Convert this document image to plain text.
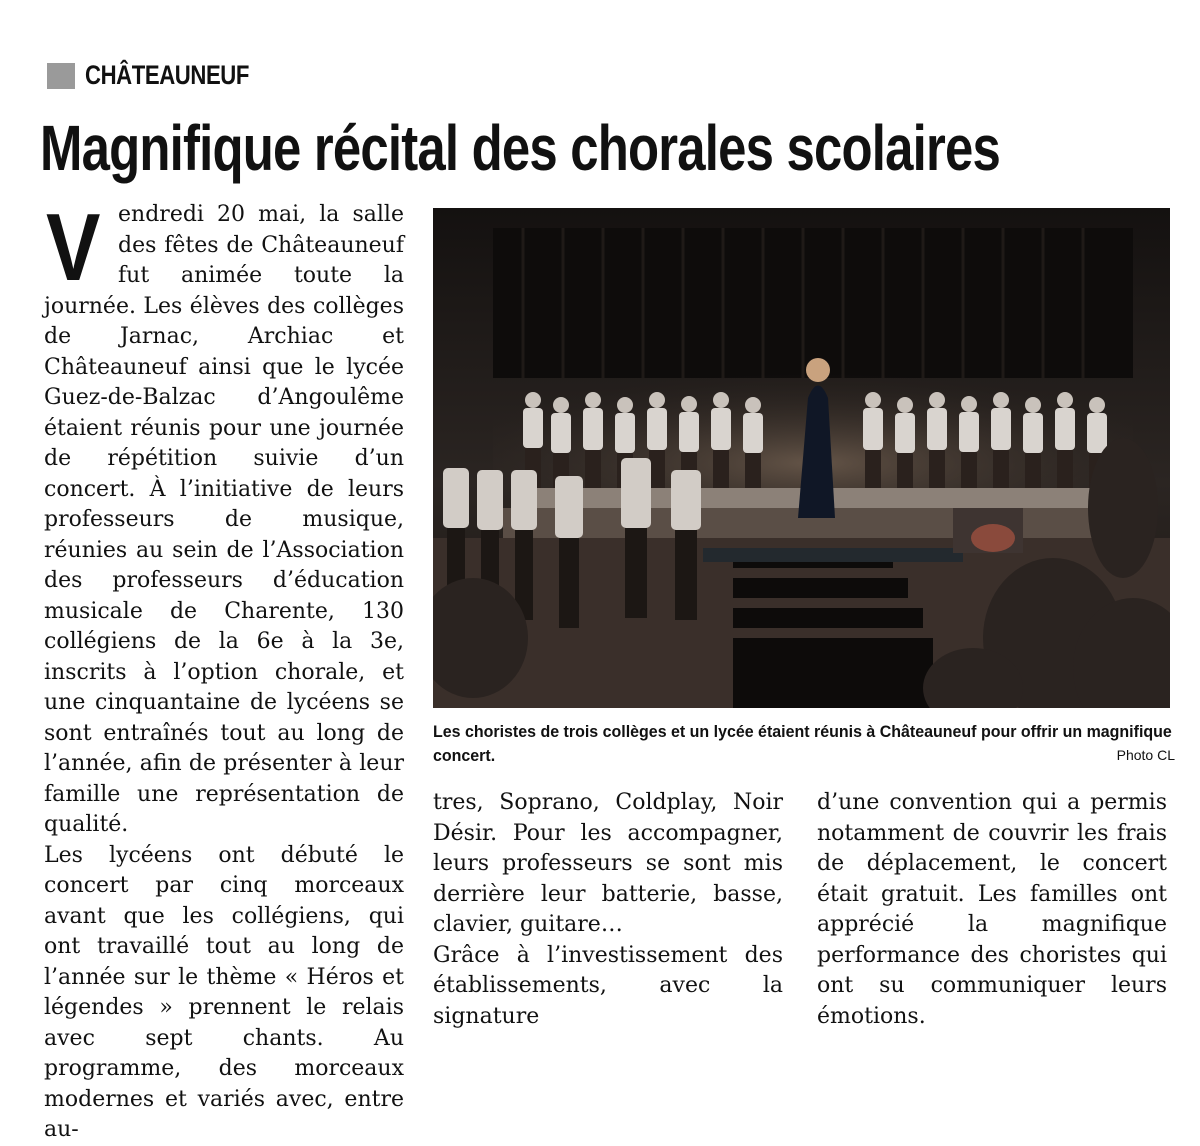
CHÂTEAUNEUF
Magnifique récital des chorales scolaires

Vendredi 20 mai, la salle des fêtes de Châteauneuf fut animée toute la journée. Les élèves des collèges de Jarnac, Archiac et Châteauneuf ainsi que le lycée Guez-de-Balzac d’Angoulême étaient réunis pour une journée de répétition suivie d’un concert. À l’initiative de leurs professeurs de musique, réunies au sein de l’Association des professeurs d’éducation musicale de Charente, 130 collégiens de la 6e à la 3e, inscrits à l’option chorale, et une cinquantaine de lycéens se sont entraînés tout au long de l’année, afin de présenter à leur famille une représentation de qualité.

Les lycéens ont débuté le concert par cinq morceaux avant que les collégiens, qui ont travaillé tout au long de l’année sur le thème « Héros et légendes » prennent le relais avec sept chants. Au programme, des morceaux modernes et variés avec, entre au-

Les choristes de trois collèges et un lycée étaient réunis à Châteauneuf pour offrir un magnifique concert.	Photo CL

tres, Soprano, Coldplay, Noir Désir. Pour les accompagner, leurs professeurs se sont mis derrière leur batterie, basse, clavier, guitare…

Grâce à l’investissement des établissements, avec la signature

d’une convention qui a permis notamment de couvrir les frais de déplacement, le concert était gratuit. Les familles ont apprécié la magnifique performance des choristes qui ont su communiquer leurs émotions.
